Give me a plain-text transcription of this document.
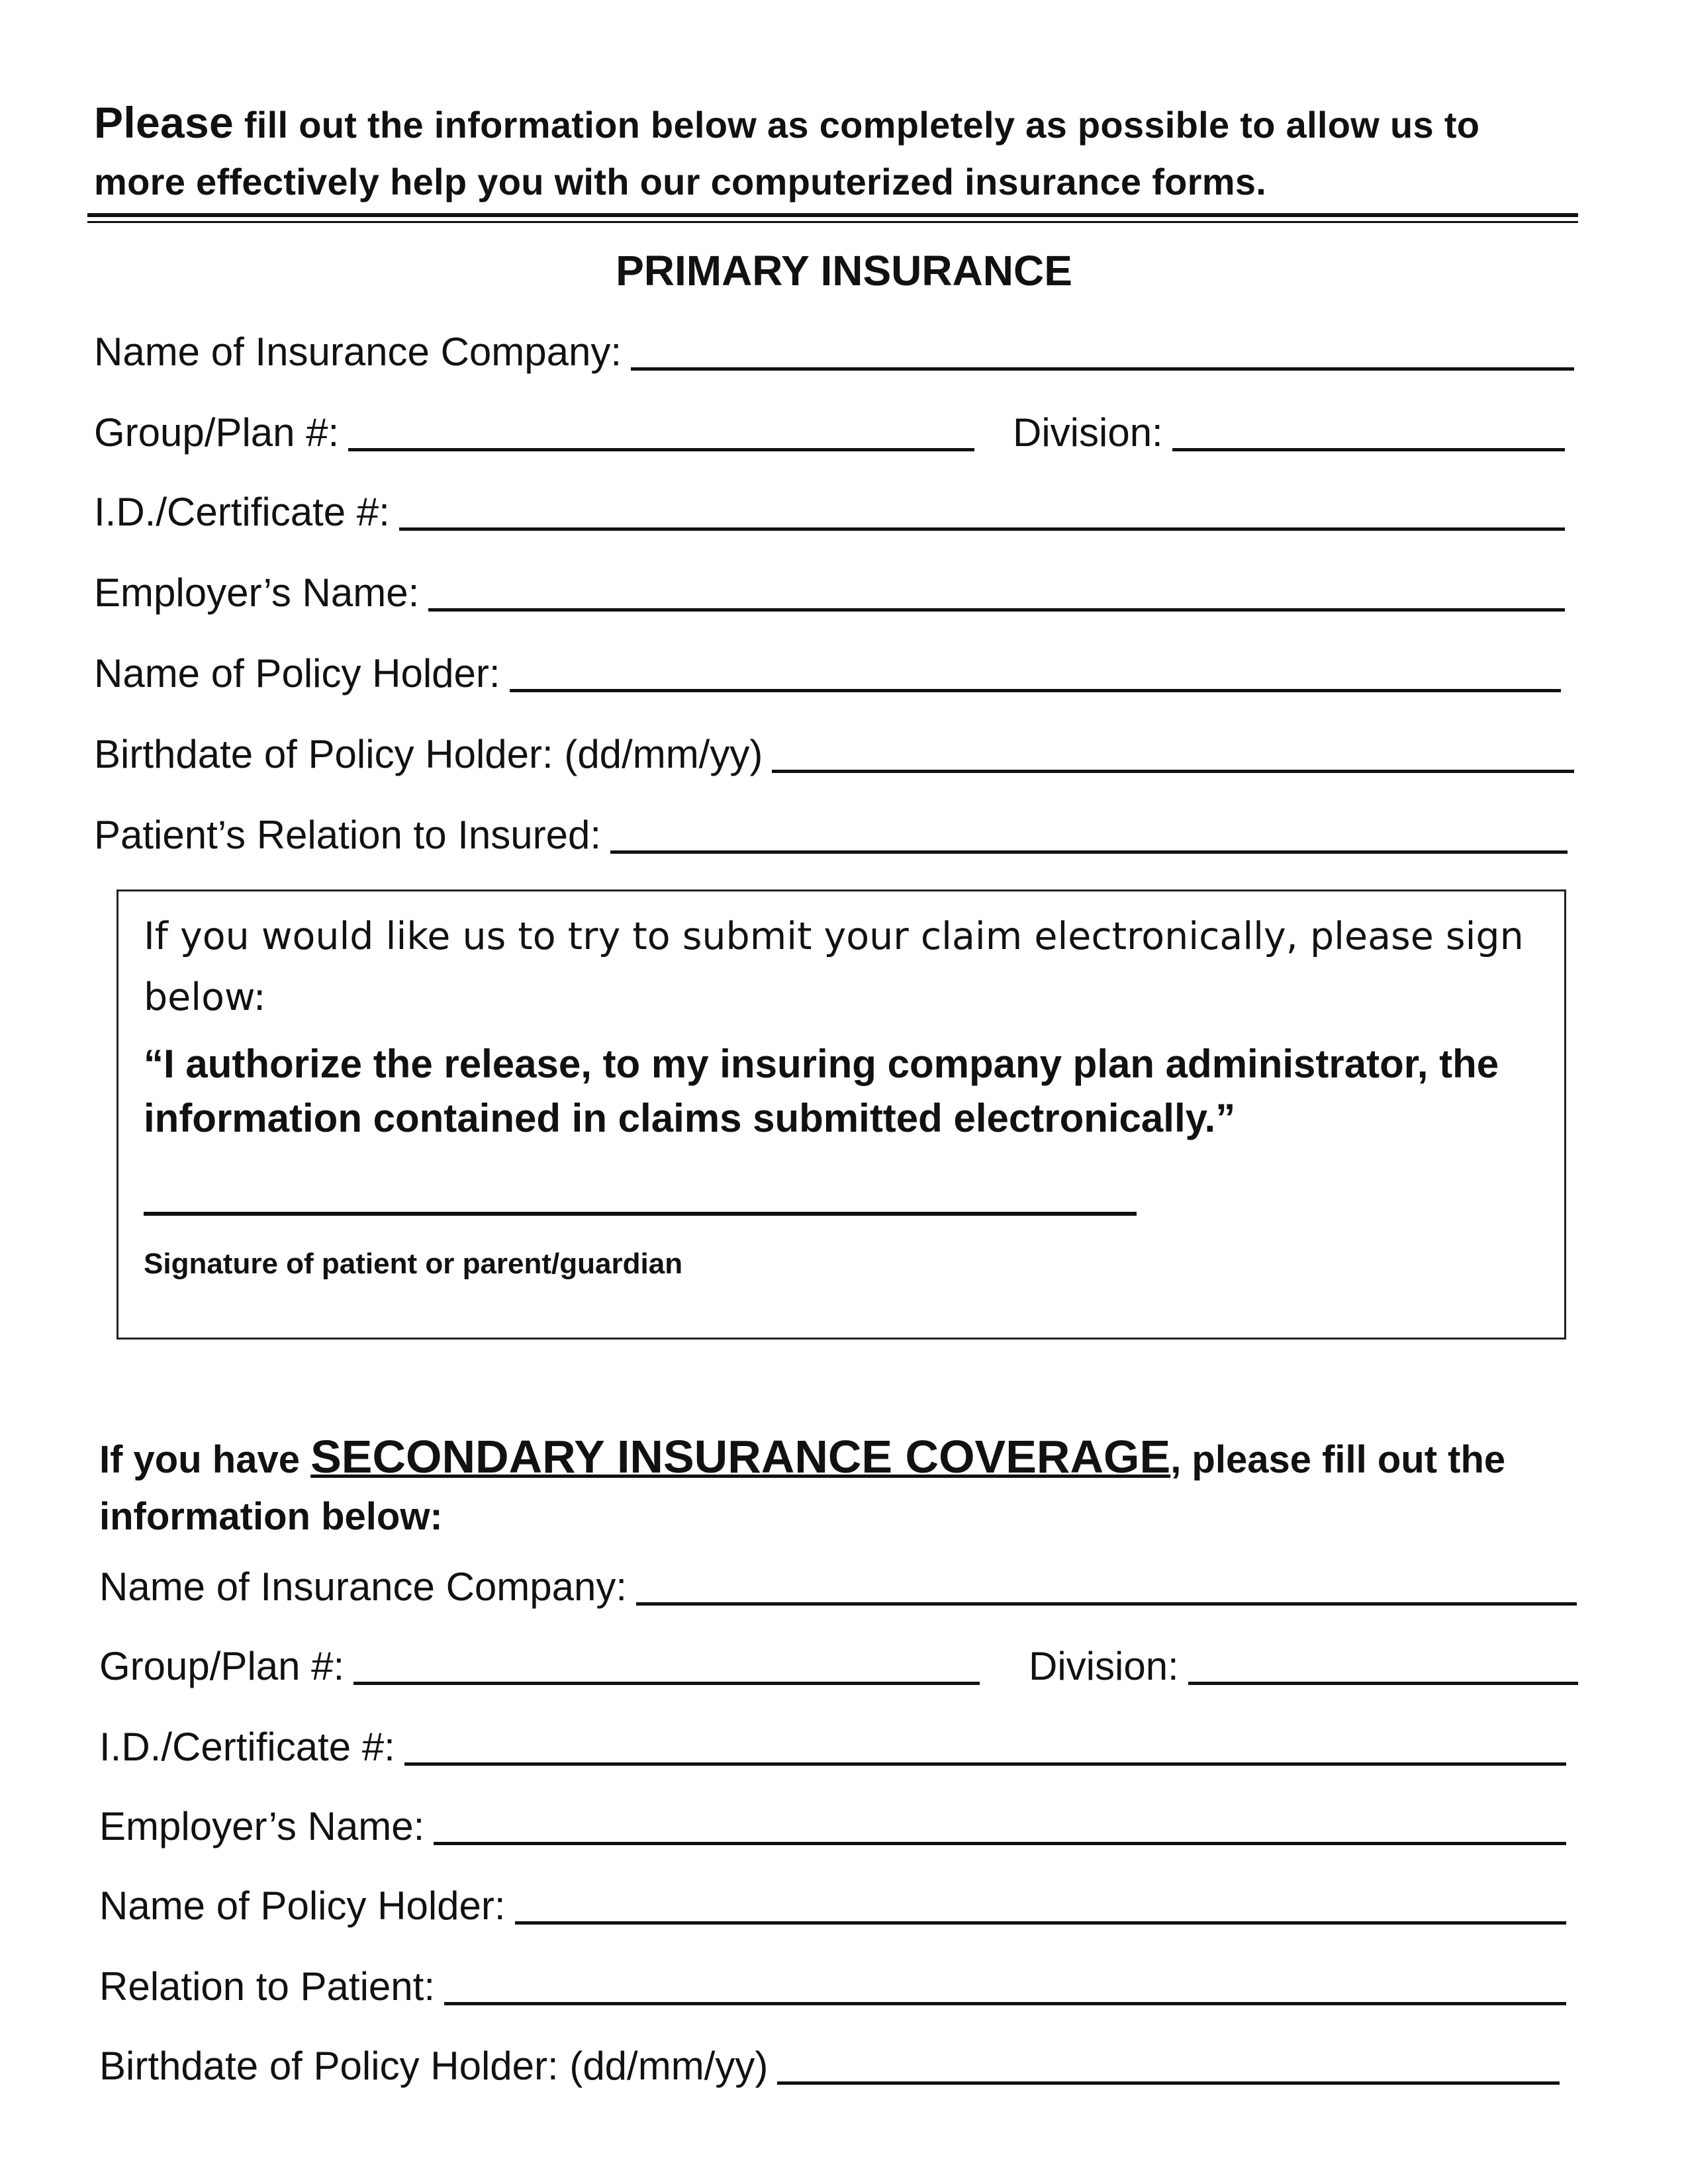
Please fill out the information below as completely as possible to allow us to more effectively help you with our computerized insurance forms.
PRIMARY INSURANCE
Name of Insurance Company:
Group/Plan #:	Division:
I.D./Certificate #:
Employer’s Name:
Name of Policy Holder:
Birthdate of Policy Holder: (dd/mm/yy)
Patient’s Relation to Insured:
If you would like us to try to submit your claim electronically, please sign below:
“I authorize the release, to my insuring company plan administrator, the information contained in claims submitted electronically.”
Signature of patient or parent/guardian
If you have SECONDARY INSURANCE COVERAGE, please fill out the information below:
Name of Insurance Company:
Group/Plan #:	Division:
I.D./Certificate #:
Employer’s Name:
Name of Policy Holder:
Relation to Patient:
Birthdate of Policy Holder: (dd/mm/yy)
